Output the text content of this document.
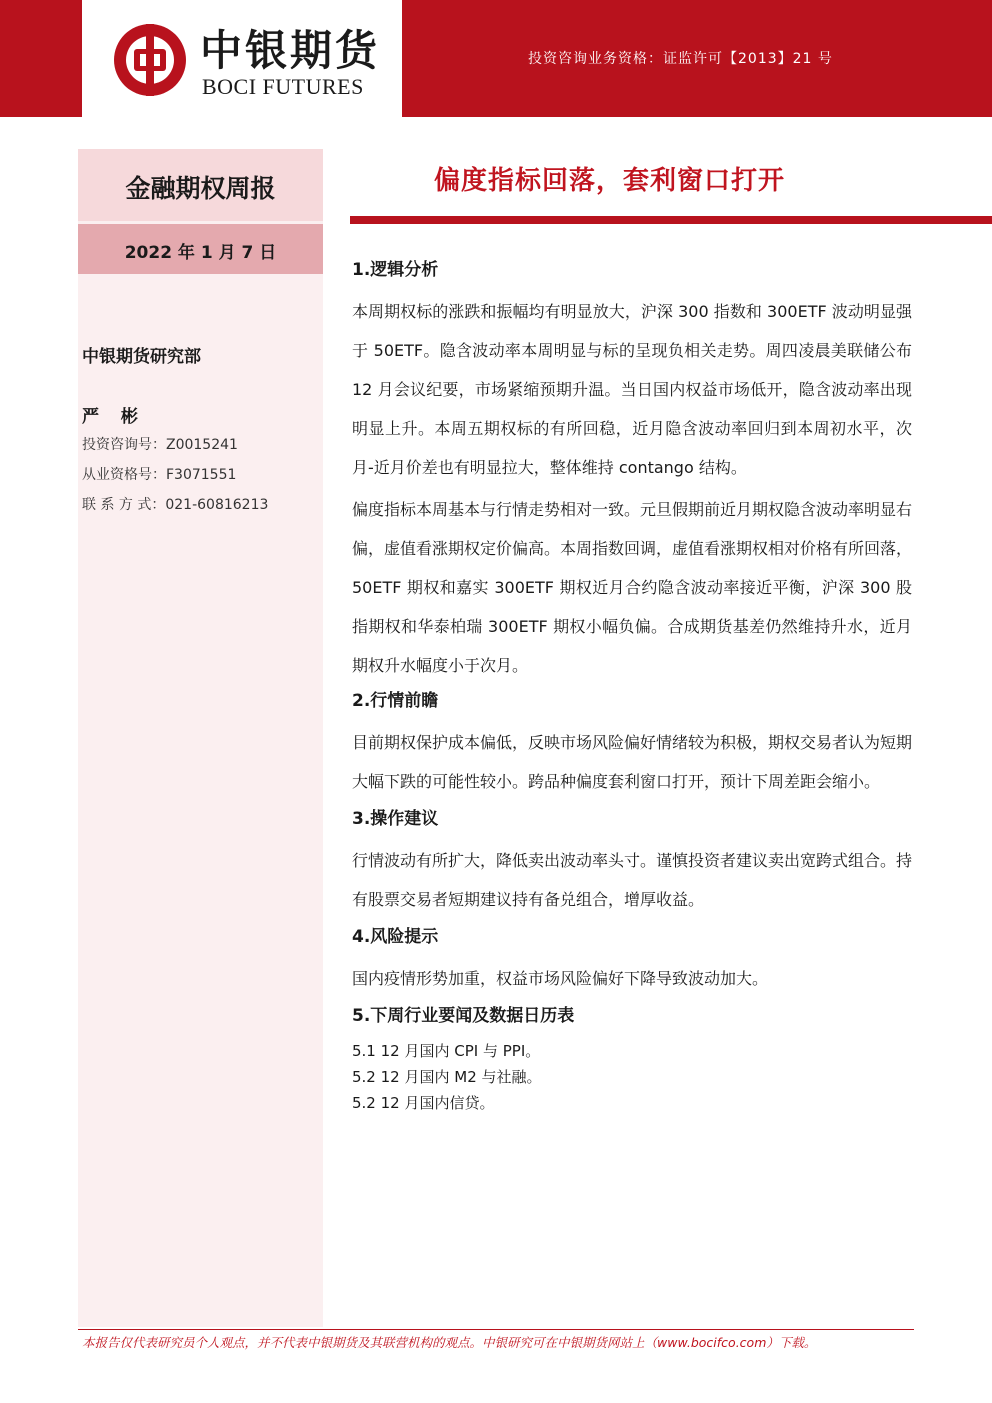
中银期货
BOCI FUTURES
投资咨询业务资格：证监许可【2013】21 号
金融期权周报
2022 年 1 月 7 日
中银期货研究部
严 彬
投资咨询号：Z0015241
从业资格号：F3071551
联 系 方 式：021-60816213
偏度指标回落，套利窗口打开
1.逻辑分析

本周期权标的涨跌和振幅均有明显放大，沪深 300 指数和 300ETF 波动明显强于 50ETF。隐含波动率本周明显与标的呈现负相关走势。周四凌晨美联储公布 12 月会议纪要，市场紧缩预期升温。当日国内权益市场低开，隐含波动率出现明显上升。本周五期权标的有所回稳，近月隐含波动率回归到本周初水平，次月-近月价差也有明显拉大，整体维持 contango 结构。

偏度指标本周基本与行情走势相对一致。元旦假期前近月期权隐含波动率明显右偏，虚值看涨期权定价偏高。本周指数回调，虚值看涨期权相对价格有所回落，50ETF 期权和嘉实 300ETF 期权近月合约隐含波动率接近平衡，沪深 300 股指期权和华泰柏瑞 300ETF 期权小幅负偏。合成期货基差仍然维持升水，近月期权升水幅度小于次月。

2.行情前瞻

目前期权保护成本偏低，反映市场风险偏好情绪较为积极，期权交易者认为短期大幅下跌的可能性较小。跨品种偏度套利窗口打开，预计下周差距会缩小。

3.操作建议

行情波动有所扩大，降低卖出波动率头寸。谨慎投资者建议卖出宽跨式组合。持有股票交易者短期建议持有备兑组合，增厚收益。

4.风险提示

国内疫情形势加重，权益市场风险偏好下降导致波动加大。

5.下周行业要闻及数据日历表
5.1 12 月国内 CPI 与 PPI。
5.2 12 月国内 M2 与社融。
5.2 12 月国内信贷。
本报告仅代表研究员个人观点，并不代表中银期货及其联营机构的观点。中银研究可在中银期货网站上（www.bocifco.com）下载。
